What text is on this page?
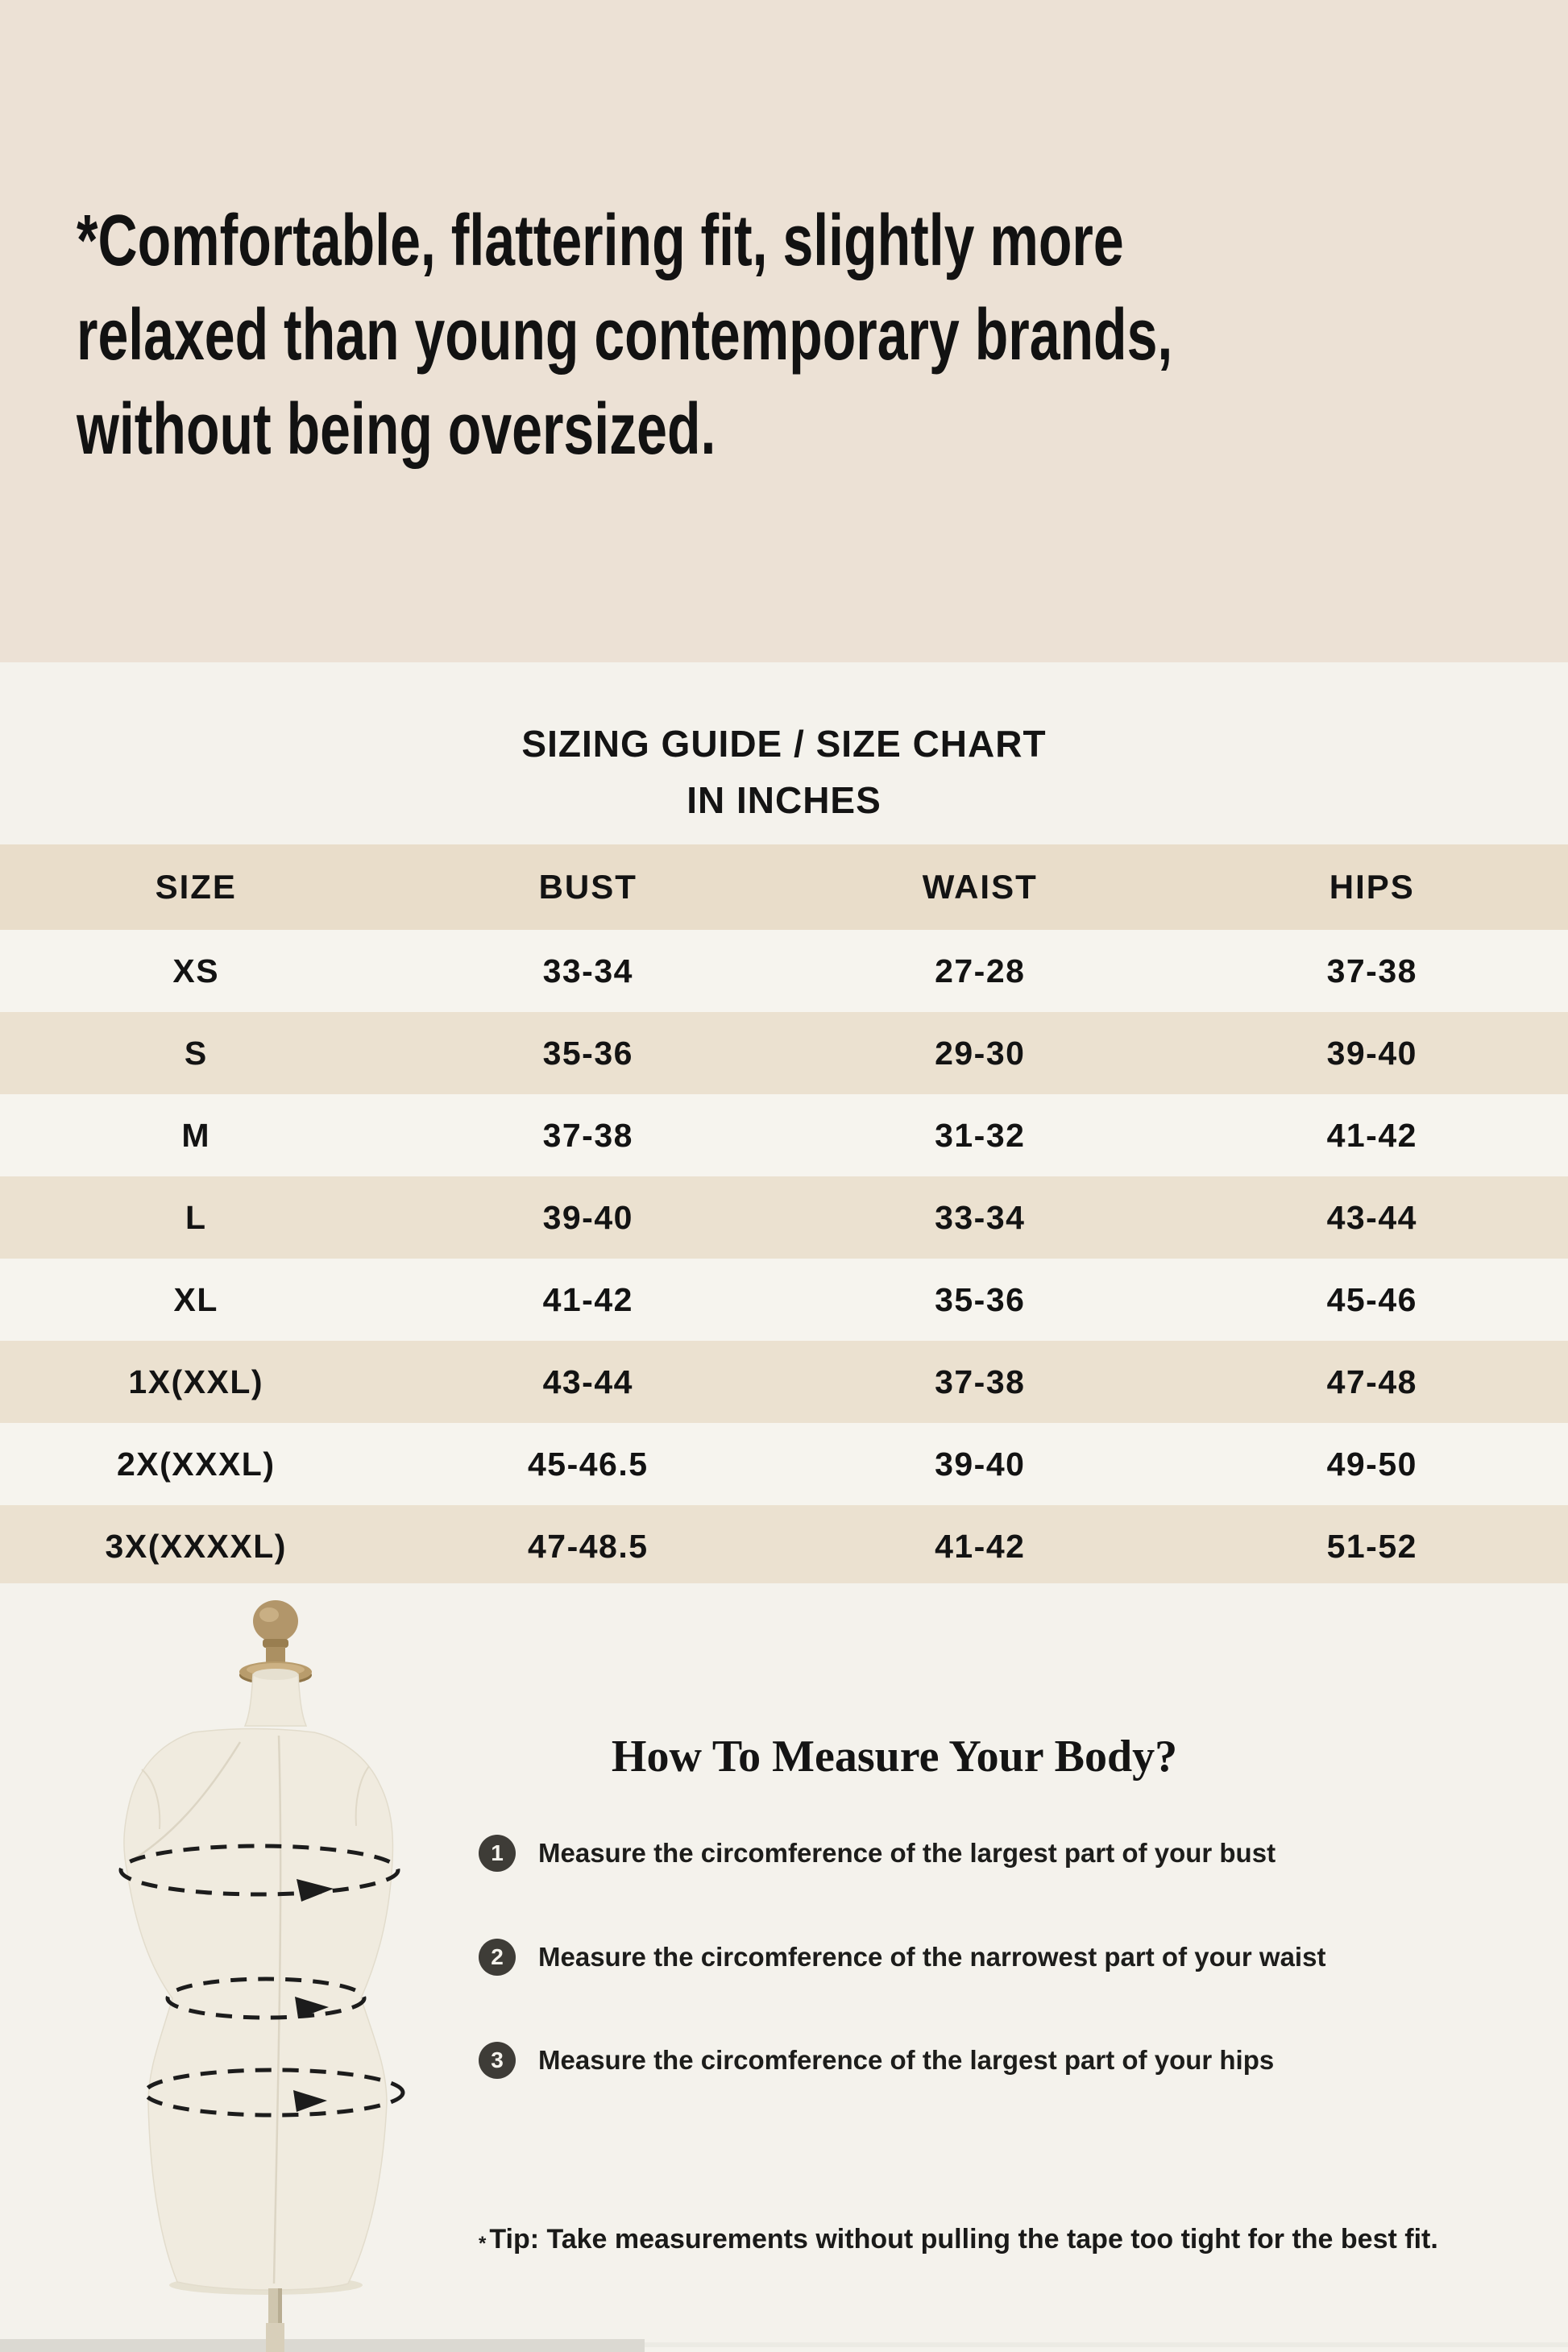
*Comfortable, flattering fit, slightly more
relaxed than young contemporary brands,
without being oversized.
SIZING GUIDE / SIZE CHART
IN INCHES
SIZE	BUST	WAIST	HIPS
XS	33-34	27-28	37-38
S	35-36	29-30	39-40
M	37-38	31-32	41-42
L	39-40	33-34	43-44
XL	41-42	35-36	45-46
1X(XXL)	43-44	37-38	47-48
2X(XXXL)	45-46.5	39-40	49-50
3X(XXXXL)	47-48.5	41-42	51-52
How To Measure Your Body?
1	Measure the circomference of the largest part of your bust
2	Measure the circomference of the narrowest part of your waist
3	Measure the circomference of the largest part of your hips
* Tip: Take measurements without pulling the tape too tight for the best fit.
